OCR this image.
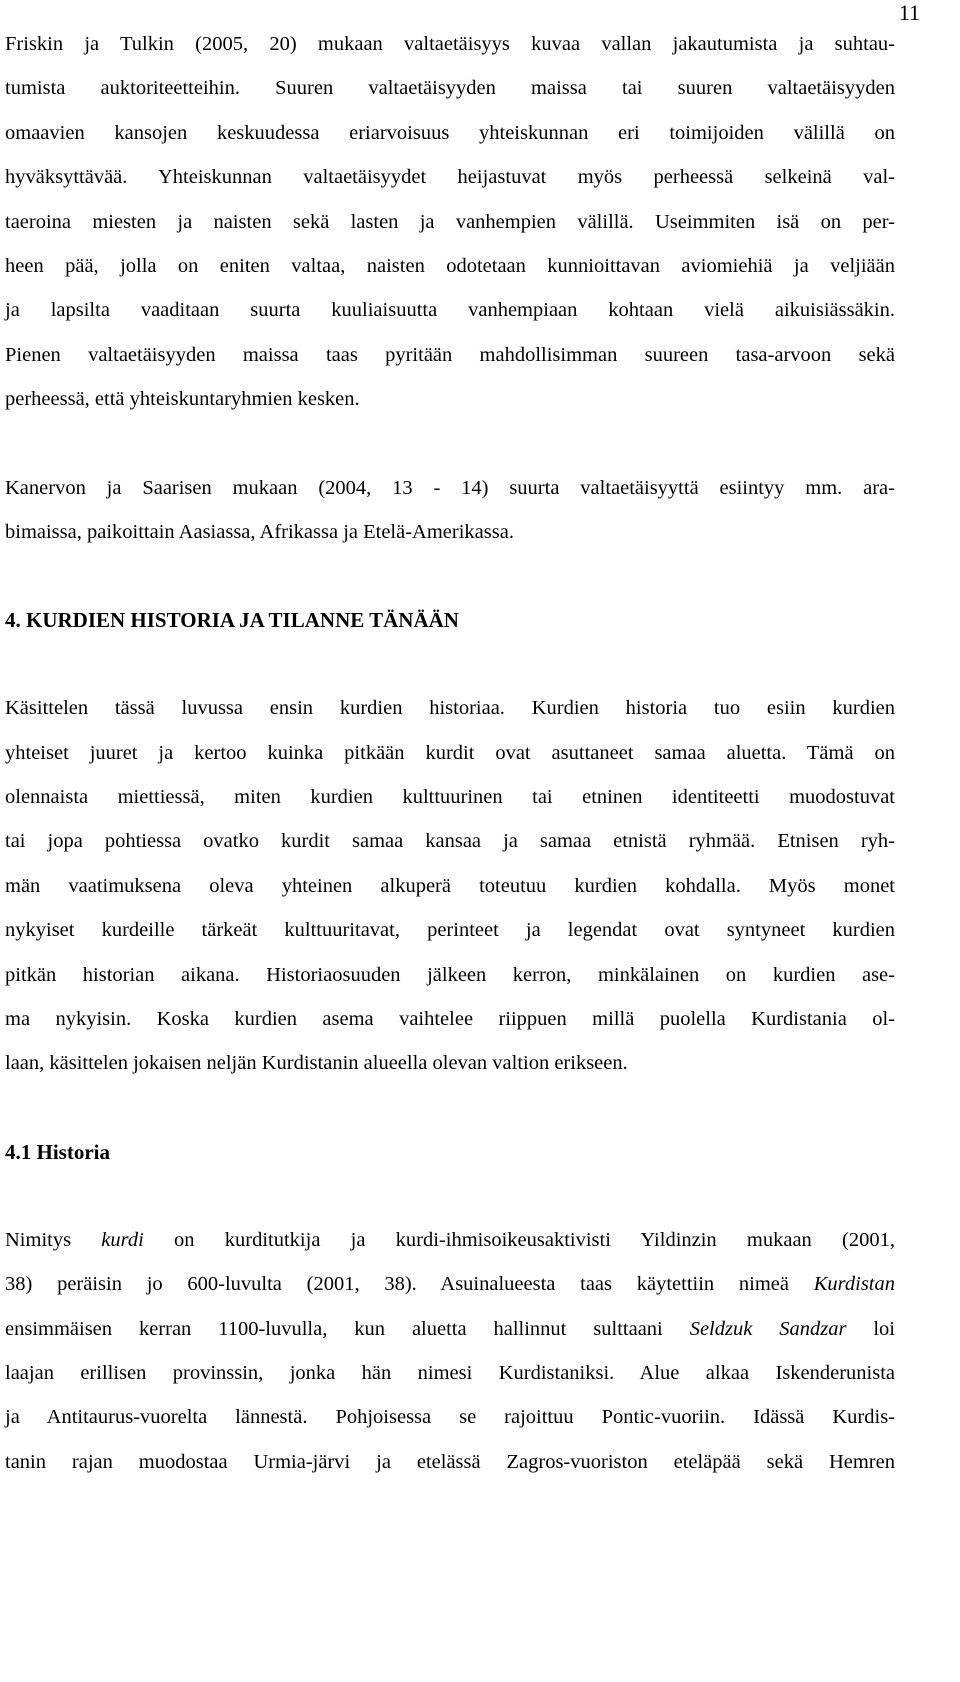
11
Friskin ja Tulkin (2005, 20) mukaan valtaetäisyys kuvaa vallan jakautumista ja suhtau-
tumista auktoriteetteihin. Suuren valtaetäisyyden maissa tai suuren valtaetäisyyden
omaavien kansojen keskuudessa eriarvoisuus yhteiskunnan eri toimijoiden välillä on
hyväksyttävää. Yhteiskunnan valtaetäisyydet heijastuvat myös perheessä selkeinä val-
taeroina miesten ja naisten sekä lasten ja vanhempien välillä. Useimmiten isä on per-
heen pää, jolla on eniten valtaa, naisten odotetaan kunnioittavan aviomiehiä ja veljiään
ja lapsilta vaaditaan suurta kuuliaisuutta vanhempiaan kohtaan vielä aikuisiässäkin.
Pienen valtaetäisyyden maissa taas pyritään mahdollisimman suureen tasa-arvoon sekä
perheessä, että yhteiskuntaryhmien kesken.
Kanervon ja Saarisen mukaan (2004, 13 - 14) suurta valtaetäisyyttä esiintyy mm. ara-
bimaissa, paikoittain Aasiassa, Afrikassa ja Etelä-Amerikassa.
4. KURDIEN HISTORIA JA TILANNE TÄNÄÄN
Käsittelen tässä luvussa ensin kurdien historiaa. Kurdien historia tuo esiin kurdien
yhteiset juuret ja kertoo kuinka pitkään kurdit ovat asuttaneet samaa aluetta. Tämä on
olennaista miettiessä, miten kurdien kulttuurinen tai etninen identiteetti muodostuvat
tai jopa pohtiessa ovatko kurdit samaa kansaa ja samaa etnistä ryhmää. Etnisen ryh-
män vaatimuksena oleva yhteinen alkuperä toteutuu kurdien kohdalla. Myös monet
nykyiset kurdeille tärkeät kulttuuritavat, perinteet ja legendat ovat syntyneet kurdien
pitkän historian aikana. Historiaosuuden jälkeen kerron, minkälainen on kurdien ase-
ma nykyisin. Koska kurdien asema vaihtelee riippuen millä puolella Kurdistania ol-
laan, käsittelen jokaisen neljän Kurdistanin alueella olevan valtion erikseen.
4.1 Historia
Nimitys kurdi on kurditutkija ja kurdi-ihmisoikeusaktivisti Yildinzin mukaan (2001,
38) peräisin jo 600-luvulta (2001, 38). Asuinalueesta taas käytettiin nimeä Kurdistan
ensimmäisen kerran 1100-luvulla, kun aluetta hallinnut sulttaani Seldzuk Sandzar loi
laajan erillisen provinssin, jonka hän nimesi Kurdistaniksi. Alue alkaa Iskenderunista
ja Antitaurus-vuorelta lännestä. Pohjoisessa se rajoittuu Pontic-vuoriin. Idässä Kurdis-
tanin rajan muodostaa Urmia-järvi ja etelässä Zagros-vuoriston eteläpää sekä Hemren
